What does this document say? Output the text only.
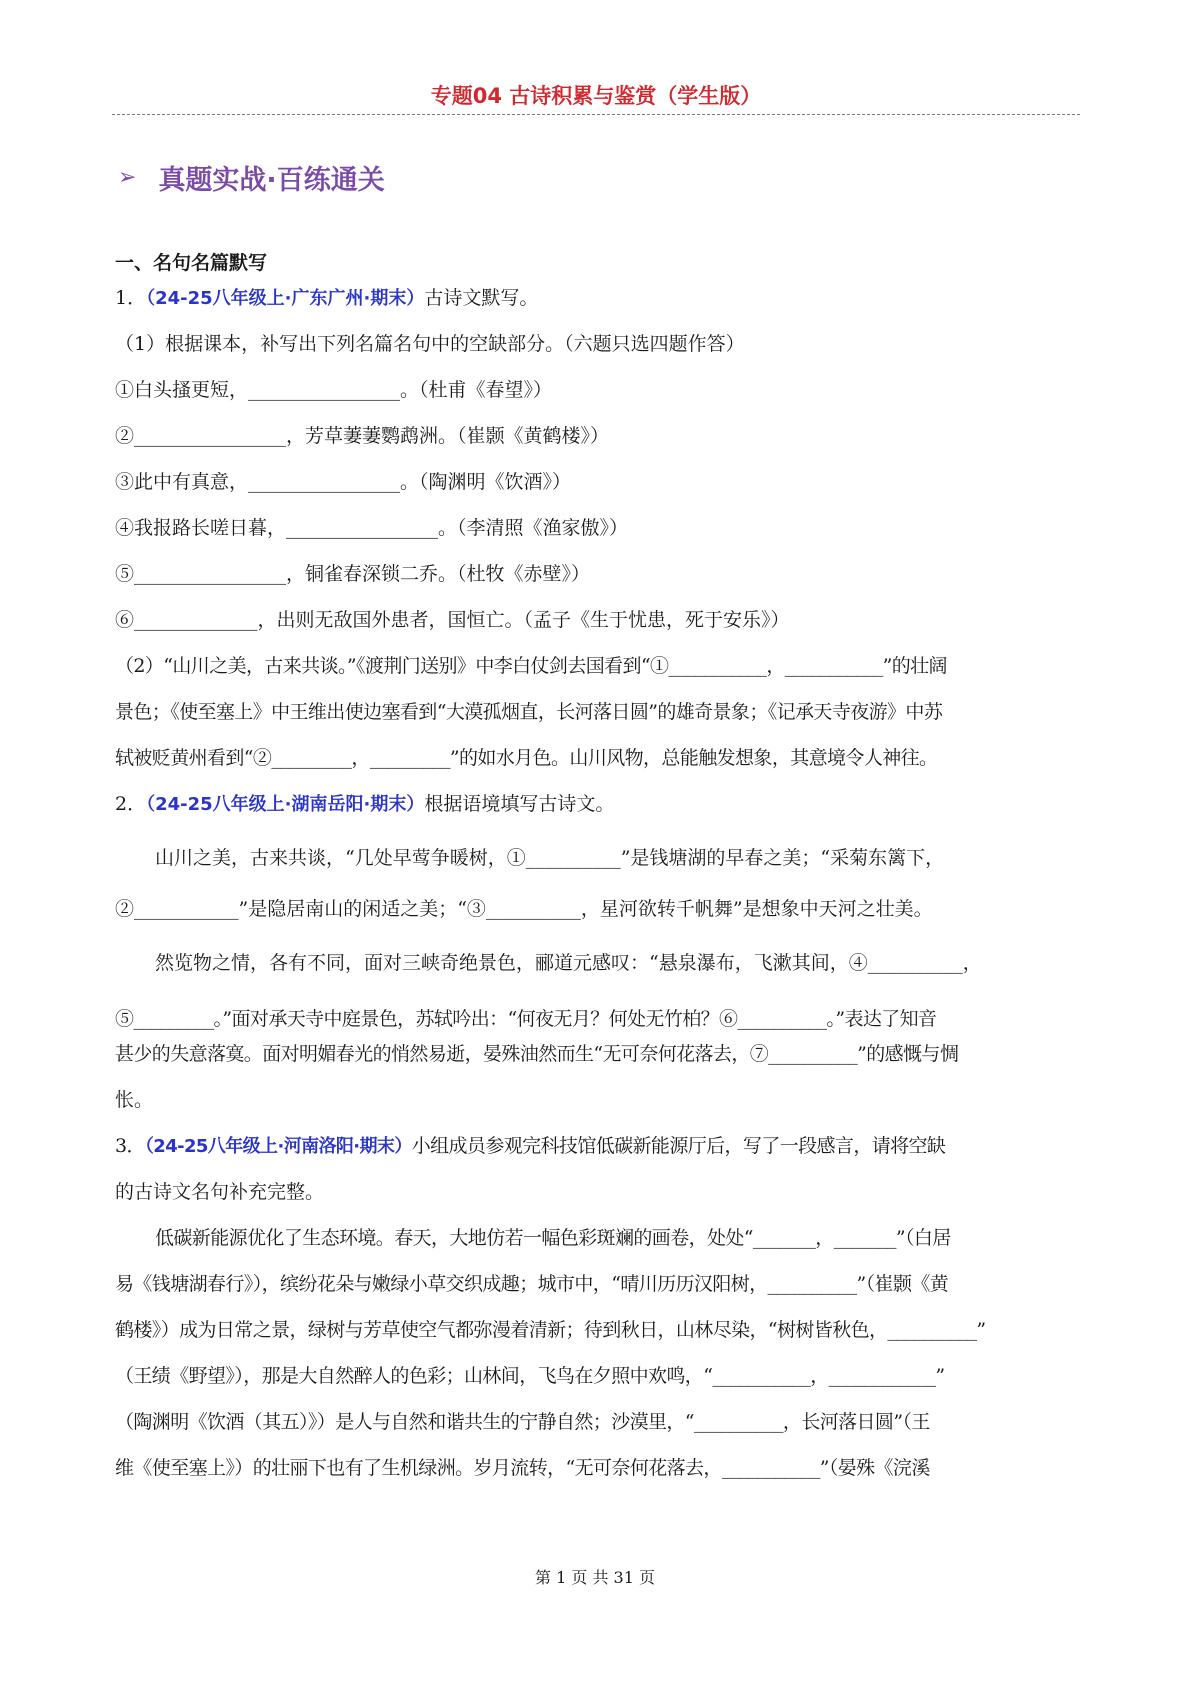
专题04 古诗积累与鉴赏（学生版）
➢ 真题实战·百练通关
一、名句名篇默写
1．（24-25八年级上·广东广州·期末）古诗文默写。
（1）根据课本，补写出下列名篇名句中的空缺部分。（六题只选四题作答）
①白头搔更短，________________。（杜甫《春望》）
②________________，芳草萋萋鹦鹉洲。（崔颢《黄鹤楼》）
③此中有真意，________________。（陶渊明《饮酒》）
④我报路长嗟日暮，________________。（李清照《渔家傲》）
⑤________________，铜雀春深锁二乔。（杜牧《赤壁》）
⑥_____________，出则无敌国外患者，国恒亡。（孟子《生于忧患，死于安乐》）
（2）“山川之美，古来共谈。”《渡荆门送别》中李白仗剑去国看到“①___________，___________”的壮阔
景色；《使至塞上》中王维出使边塞看到“大漠孤烟直，长河落日圆”的雄奇景象；《记承天寺夜游》中苏
轼被贬黄州看到“②_________，_________”的如水月色。山川风物，总能触发想象，其意境令人神往。
2．（24-25八年级上·湖南岳阳·期末）根据语境填写古诗文。
山川之美，古来共谈，“几处早莺争暖树，①__________”是钱塘湖的早春之美；“采菊东篱下，
②___________”是隐居南山的闲适之美；“③__________，星河欲转千帆舞”是想象中天河之壮美。
然览物之情，各有不同，面对三峡奇绝景色，郦道元感叹：“悬泉瀑布，飞漱其间，④__________，
⑤_________。”面对承天寺中庭景色，苏轼吟出：“何夜无月？何处无竹柏？⑥__________。”表达了知音
甚少的失意落寞。面对明媚春光的悄然易逝，晏殊油然而生“无可奈何花落去，⑦__________”的感慨与惆
怅。
3．（24-25八年级上·河南洛阳·期末）小组成员参观完科技馆低碳新能源厅后，写了一段感言，请将空缺
的古诗文名句补充完整。
低碳新能源优化了生态环境。春天，大地仿若一幅色彩斑斓的画卷，处处“_______，_______”（白居
易《钱塘湖春行》），缤纷花朵与嫩绿小草交织成趣；城市中，“晴川历历汉阳树，__________”（崔颢《黄
鹤楼》）成为日常之景，绿树与芳草使空气都弥漫着清新；待到秋日，山林尽染，“树树皆秋色，__________”
（王绩《野望》），那是大自然醉人的色彩；山林间，飞鸟在夕照中欢鸣，“___________，____________”
（陶渊明《饮酒（其五）》）是人与自然和谐共生的宁静自然；沙漠里，“__________，长河落日圆”（王
维《使至塞上》）的壮丽下也有了生机绿洲。岁月流转，“无可奈何花落去，___________”（晏殊《浣溪
第 1 页 共 31 页
